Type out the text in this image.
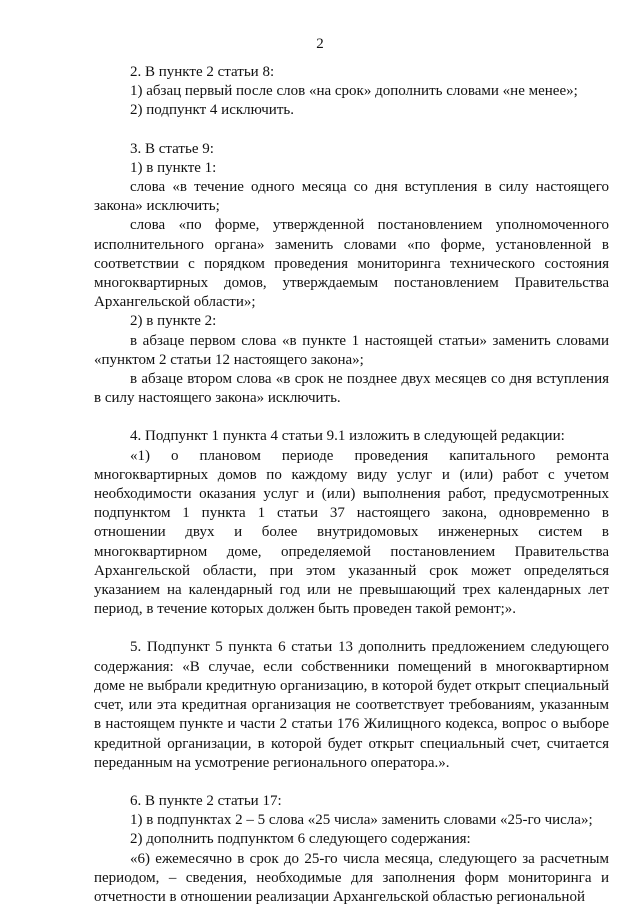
2

2. В пункте 2 статьи 8:

1) абзац первый после слов «на срок» дополнить словами «не менее»;

2) подпункт 4 исключить.

3. В статье 9:

1) в пункте 1:

слова «в течение одного месяца со дня вступления в силу настоящего закона» исключить;

слова «по форме, утвержденной постановлением уполномоченного исполнительного органа» заменить словами «по форме, установленной в соответствии с порядком проведения мониторинга технического состояния многоквартирных домов, утверждаемым постановлением Правительства Архангельской области»;

2) в пункте 2:

в абзаце первом слова «в пункте 1 настоящей статьи» заменить словами «пунктом 2 статьи 12 настоящего закона»;

в абзаце втором слова «в срок не позднее двух месяцев со дня вступления в силу настоящего закона» исключить.

4. Подпункт 1 пункта 4 статьи 9.1 изложить в следующей редакции:

«1) о плановом периоде проведения капитального ремонта многоквартирных домов по каждому виду услуг и (или) работ с учетом необходимости оказания услуг и (или) выполнения работ, предусмотренных подпунктом 1 пункта 1 статьи 37 настоящего закона, одновременно в отношении двух и более внутридомовых инженерных систем в многоквартирном доме, определяемой постановлением Правительства Архангельской области, при этом указанный срок может определяться указанием на календарный год или не превышающий трех календарных лет период, в течение которых должен быть проведен такой ремонт;».

5. Подпункт 5 пункта 6 статьи 13 дополнить предложением следующего содержания: «В случае, если собственники помещений в многоквартирном доме не выбрали кредитную организацию, в которой будет открыт специальный счет, или эта кредитная организация не соответствует требованиям, указанным в настоящем пункте и части 2 статьи 176 Жилищного кодекса, вопрос о выборе кредитной организации, в которой будет открыт специальный счет, считается переданным на усмотрение регионального оператора.».

6. В пункте 2 статьи 17:

1) в подпунктах 2 – 5 слова «25 числа» заменить словами «25-го числа»;

2) дополнить подпунктом 6 следующего содержания:

«6) ежемесячно в срок до 25-го числа месяца, следующего за расчетным периодом, – сведения, необходимые для заполнения форм мониторинга и отчетности в отношении реализации Архангельской областью региональной
